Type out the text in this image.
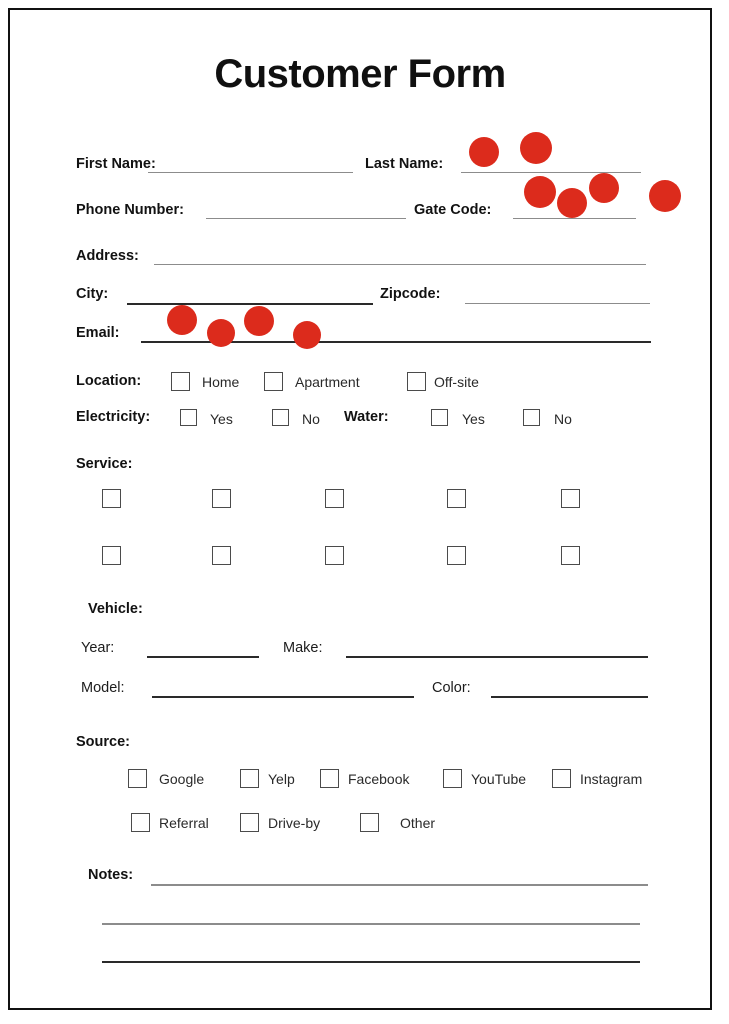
Customer Form
First Name:	Last Name:
Phone Number:	Gate Code:
Address:
City:	Zipcode:
Email:
Location:	Home	Apartment	Off-site
Electricity:	Yes	No Water:	Yes	No
Service:
Vehicle:
Year:	Make:
Model:	Color:
Source:
Google	Yelp	Facebook	YouTube	Instagram
Referral	Drive-by	Other
Notes:
